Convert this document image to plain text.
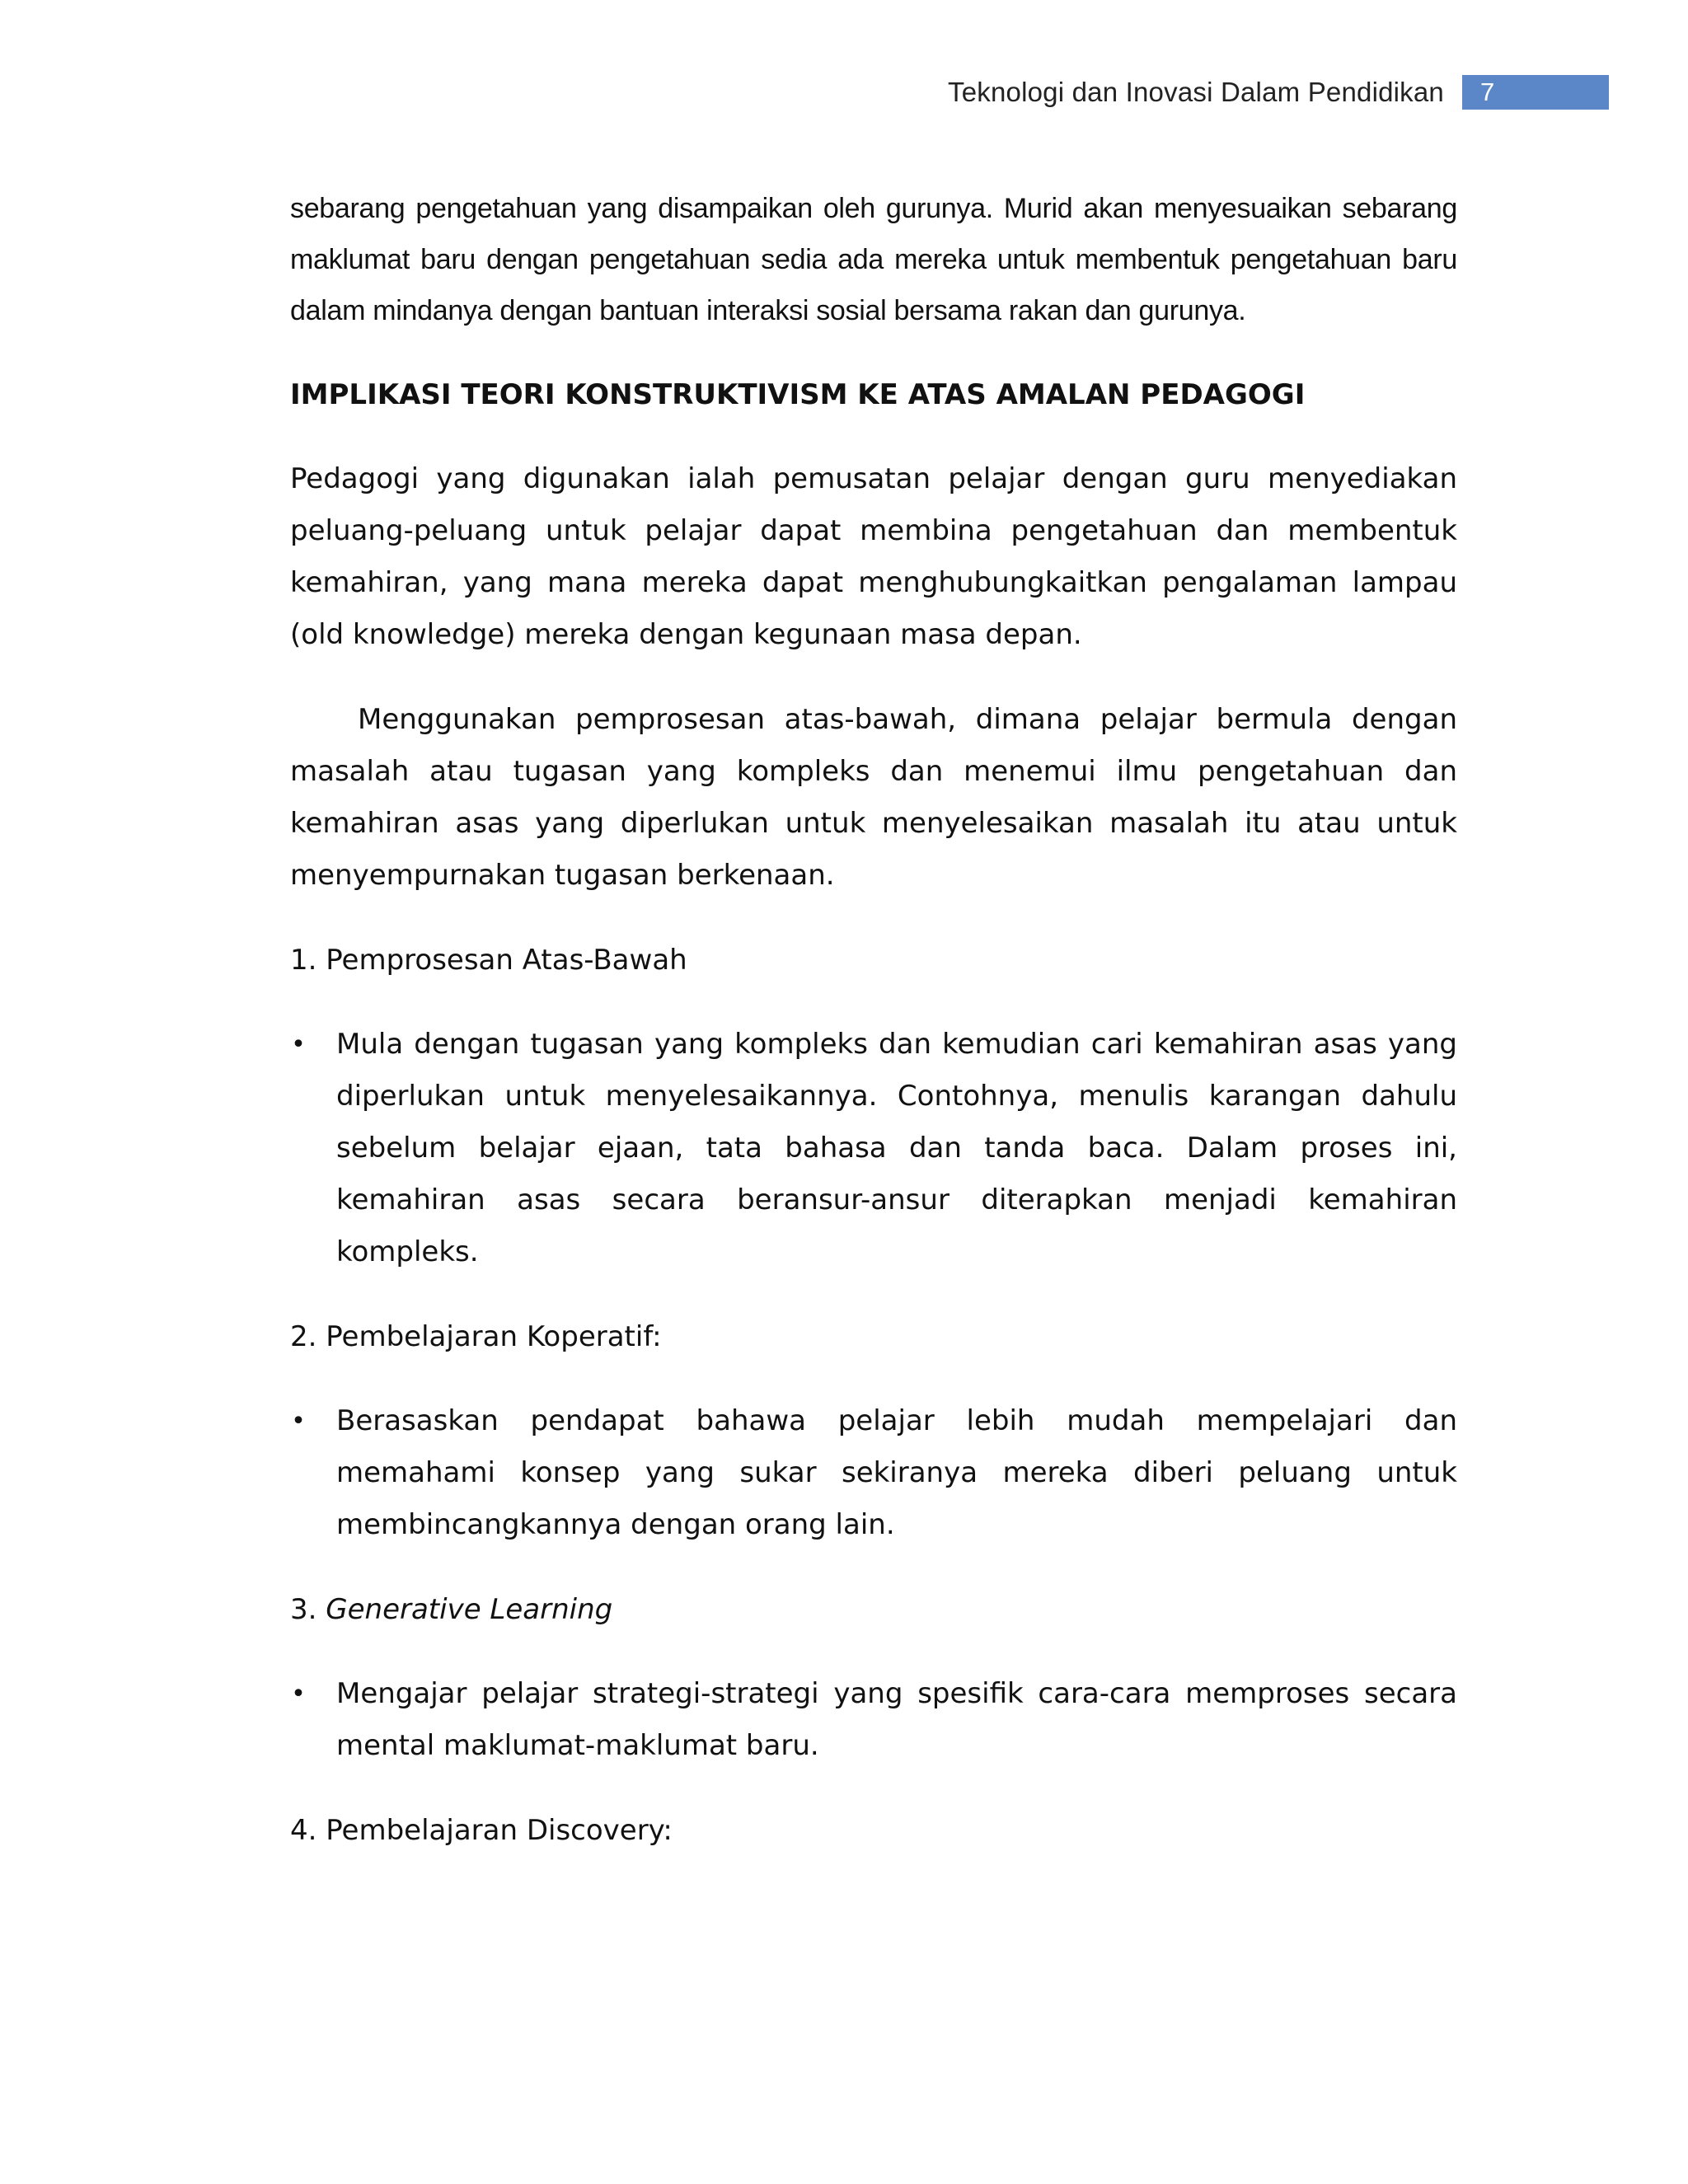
Teknologi dan Inovasi Dalam Pendidikan	7

sebarang pengetahuan yang disampaikan oleh gurunya. Murid akan menyesuaikan sebarang maklumat baru dengan pengetahuan sedia ada mereka untuk membentuk pengetahuan baru dalam mindanya dengan bantuan interaksi sosial bersama rakan dan gurunya.

IMPLIKASI TEORI KONSTRUKTIVISM KE ATAS AMALAN PEDAGOGI

Pedagogi yang digunakan ialah pemusatan pelajar dengan guru menyediakan peluang-peluang untuk pelajar dapat membina pengetahuan dan membentuk kemahiran, yang mana mereka dapat menghubungkaitkan pengalaman lampau (old knowledge) mereka dengan kegunaan masa depan.

Menggunakan pemprosesan atas-bawah, dimana pelajar bermula dengan masalah atau tugasan yang kompleks dan menemui ilmu pengetahuan dan kemahiran asas yang diperlukan untuk menyelesaikan masalah itu atau untuk menyempurnakan tugasan berkenaan.

1. Pemprosesan Atas-Bawah
• Mula dengan tugasan yang kompleks dan kemudian cari kemahiran asas yang diperlukan untuk menyelesaikannya. Contohnya, menulis karangan dahulu sebelum belajar ejaan, tata bahasa dan tanda baca. Dalam proses ini, kemahiran asas secara beransur-ansur diterapkan menjadi kemahiran kompleks.
2. Pembelajaran Koperatif:
• Berasaskan pendapat bahawa pelajar lebih mudah mempelajari dan memahami konsep yang sukar sekiranya mereka diberi peluang untuk membincangkannya dengan orang lain.
3. Generative Learning
• Mengajar pelajar strategi-strategi yang spesifik cara-cara memproses secara mental maklumat-maklumat baru.
4. Pembelajaran Discovery:
